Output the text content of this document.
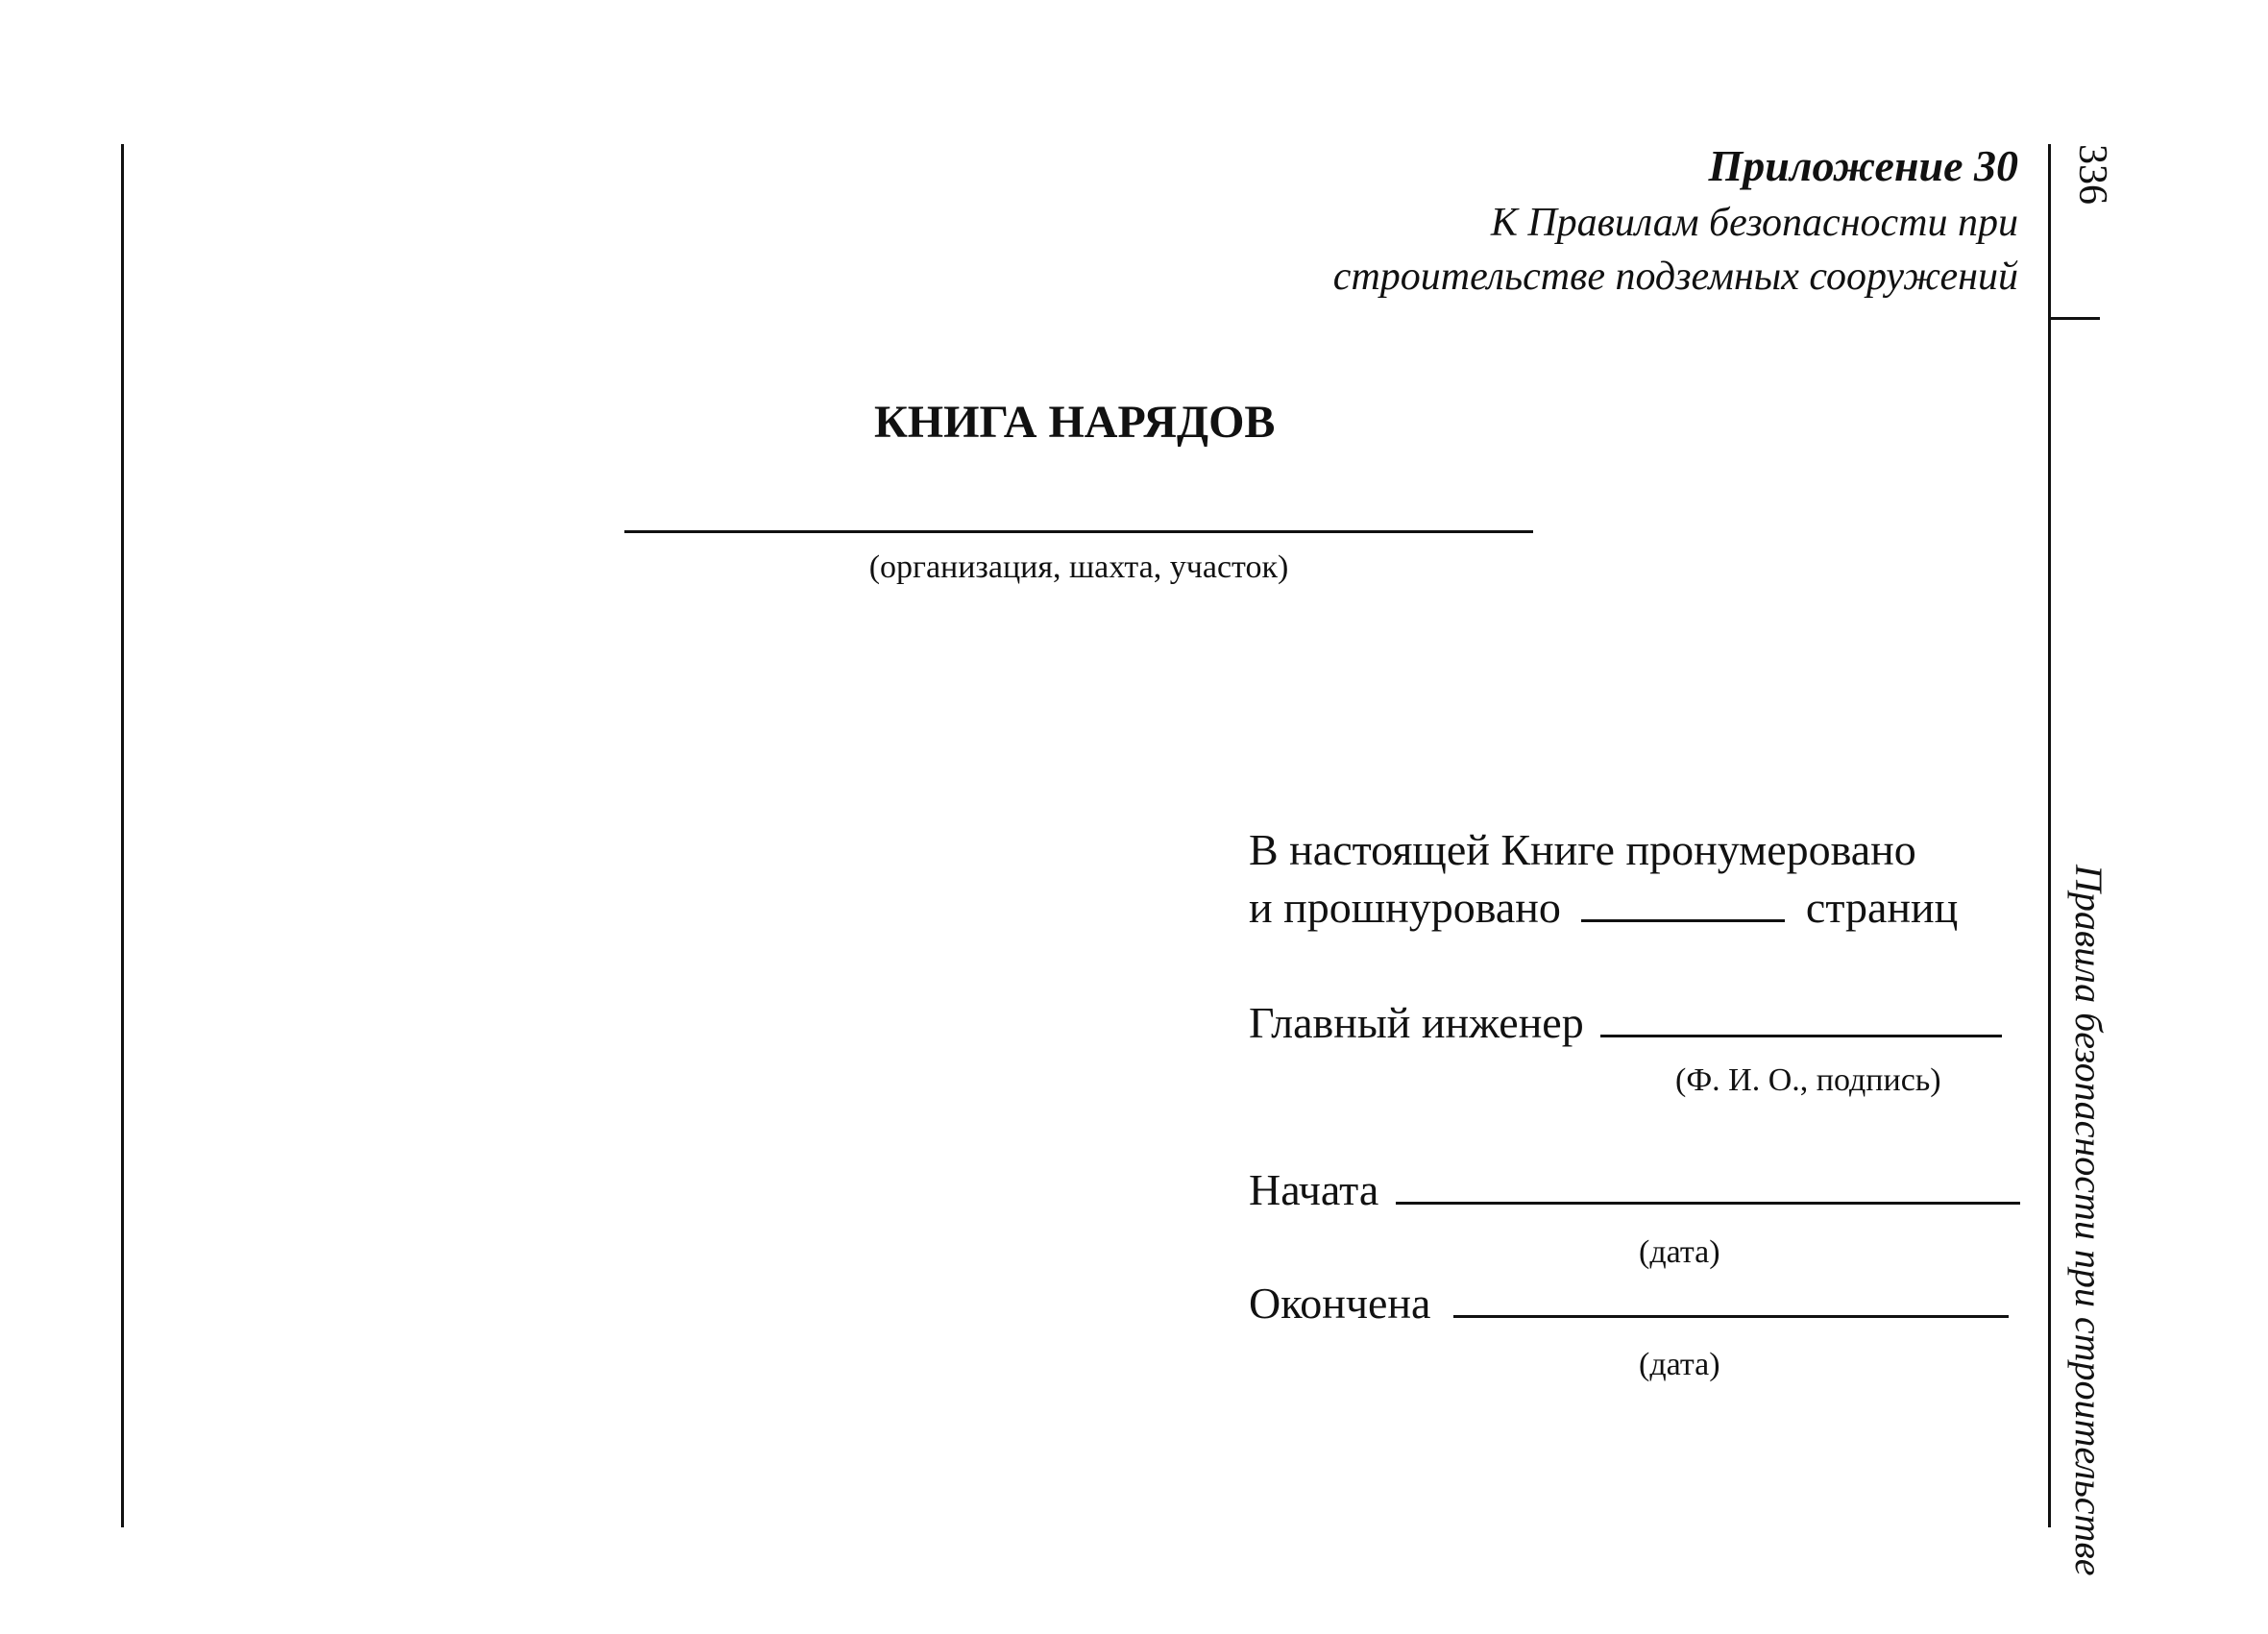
Приложение 30
К Правилам безопасности при
строительстве подземных сооружений
КНИГА НАРЯДОВ
(организация, шахта, участок)
В настоящей Книге пронумеровано
и прошнуровано	страниц
Главный инженер
(Ф. И. О., подпись)
Начата
(дата)
Окончена
(дата)	Правила безопасности при строительстве
336
